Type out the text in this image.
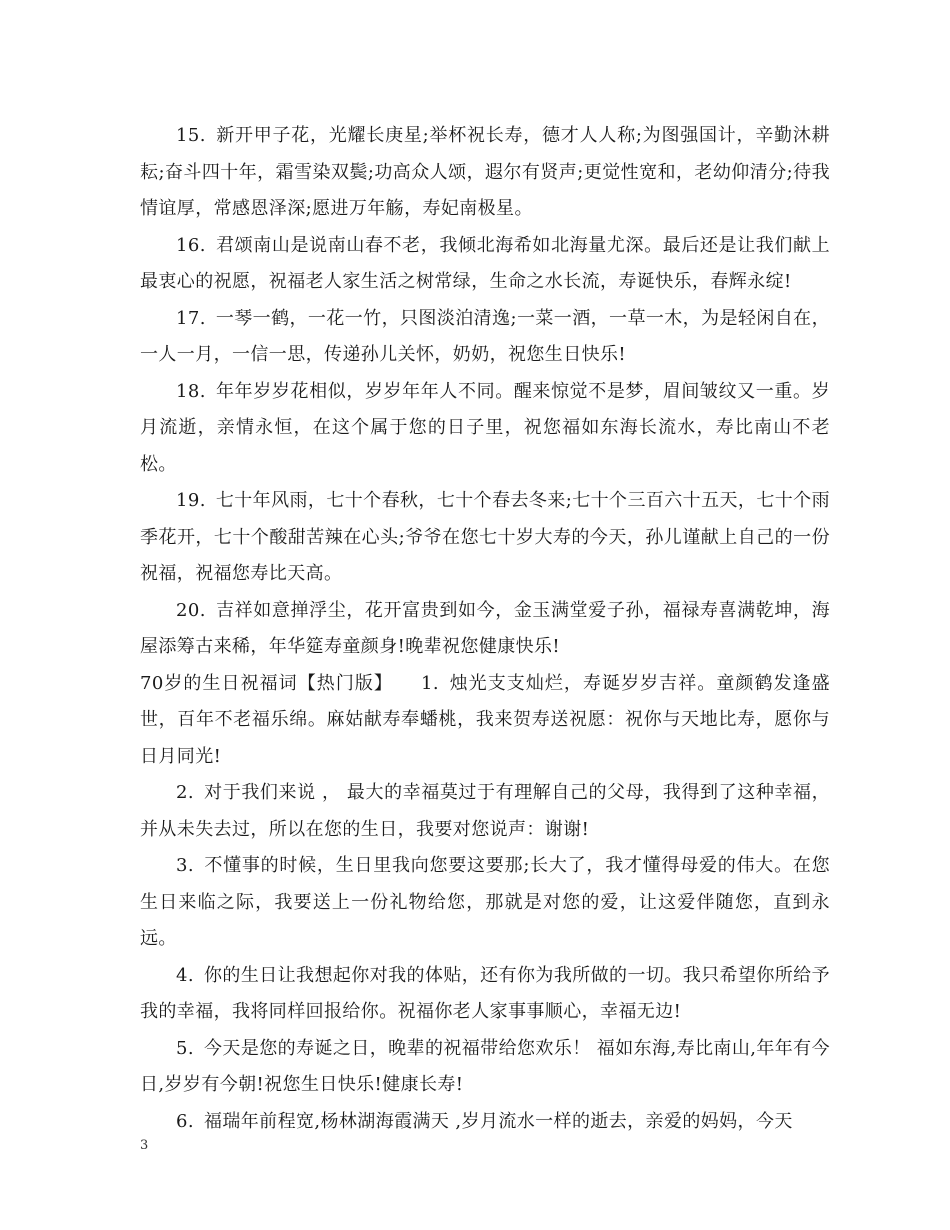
15. 新开甲子花，光耀长庚星;举杯祝长寿，德才人人称;为图强国计，辛勤沐耕耘;奋斗四十年，霜雪染双鬓;功高众人颂，遐尔有贤声;更觉性宽和，老幼仰清分;待我情谊厚，常感恩泽深;愿进万年觞，寿妃南极星。

16. 君颂南山是说南山春不老，我倾北海希如北海量尤深。最后还是让我们献上最衷心的祝愿，祝福老人家生活之树常绿，生命之水长流，寿诞快乐，春辉永绽!

17. 一琴一鹤，一花一竹，只图淡泊清逸;一菜一酒，一草一木，为是轻闲自在，一人一月，一信一思，传递孙儿关怀，奶奶，祝您生日快乐!

18. 年年岁岁花相似，岁岁年年人不同。醒来惊觉不是梦，眉间皱纹又一重。岁月流逝，亲情永恒，在这个属于您的日子里，祝您福如东海长流水，寿比南山不老松。

19. 七十年风雨，七十个春秋，七十个春去冬来;七十个三百六十五天，七十个雨季花开，七十个酸甜苦辣在心头;爷爷在您七十岁大寿的今天，孙儿谨献上自己的一份祝福，祝福您寿比天高。

20. 吉祥如意掸浮尘，花开富贵到如今，金玉满堂爱子孙，福禄寿喜满乾坤，海屋添筹古来稀，年华筵寿童颜身!晚辈祝您健康快乐!

70岁的生日祝福词【热门版】 1. 烛光支支灿烂，寿诞岁岁吉祥。童颜鹤发逢盛世，百年不老福乐绵。麻姑献寿奉蟠桃，我来贺寿送祝愿：祝你与天地比寿，愿你与日月同光!

2. 对于我们来说 ， 最大的幸福莫过于有理解自己的父母，我得到了这种幸福，并从未失去过，所以在您的生日，我要对您说声：谢谢!

3. 不懂事的时候，生日里我向您要这要那;长大了，我才懂得母爱的伟大。在您生日来临之际，我要送上一份礼物给您，那就是对您的爱，让这爱伴随您，直到永远。

4. 你的生日让我想起你对我的体贴，还有你为我所做的一切。我只希望你所给予我的幸福，我将同样回报给你。祝福你老人家事事顺心，幸福无边!

5. 今天是您的寿诞之日，晚辈的祝福带给您欢乐！ 福如东海,寿比南山,年年有今日,岁岁有今朝!祝您生日快乐!健康长寿!

6. 福瑞年前程宽,杨林湖海霞满天 ,岁月流水一样的逝去，亲爱的妈妈，今天

3
